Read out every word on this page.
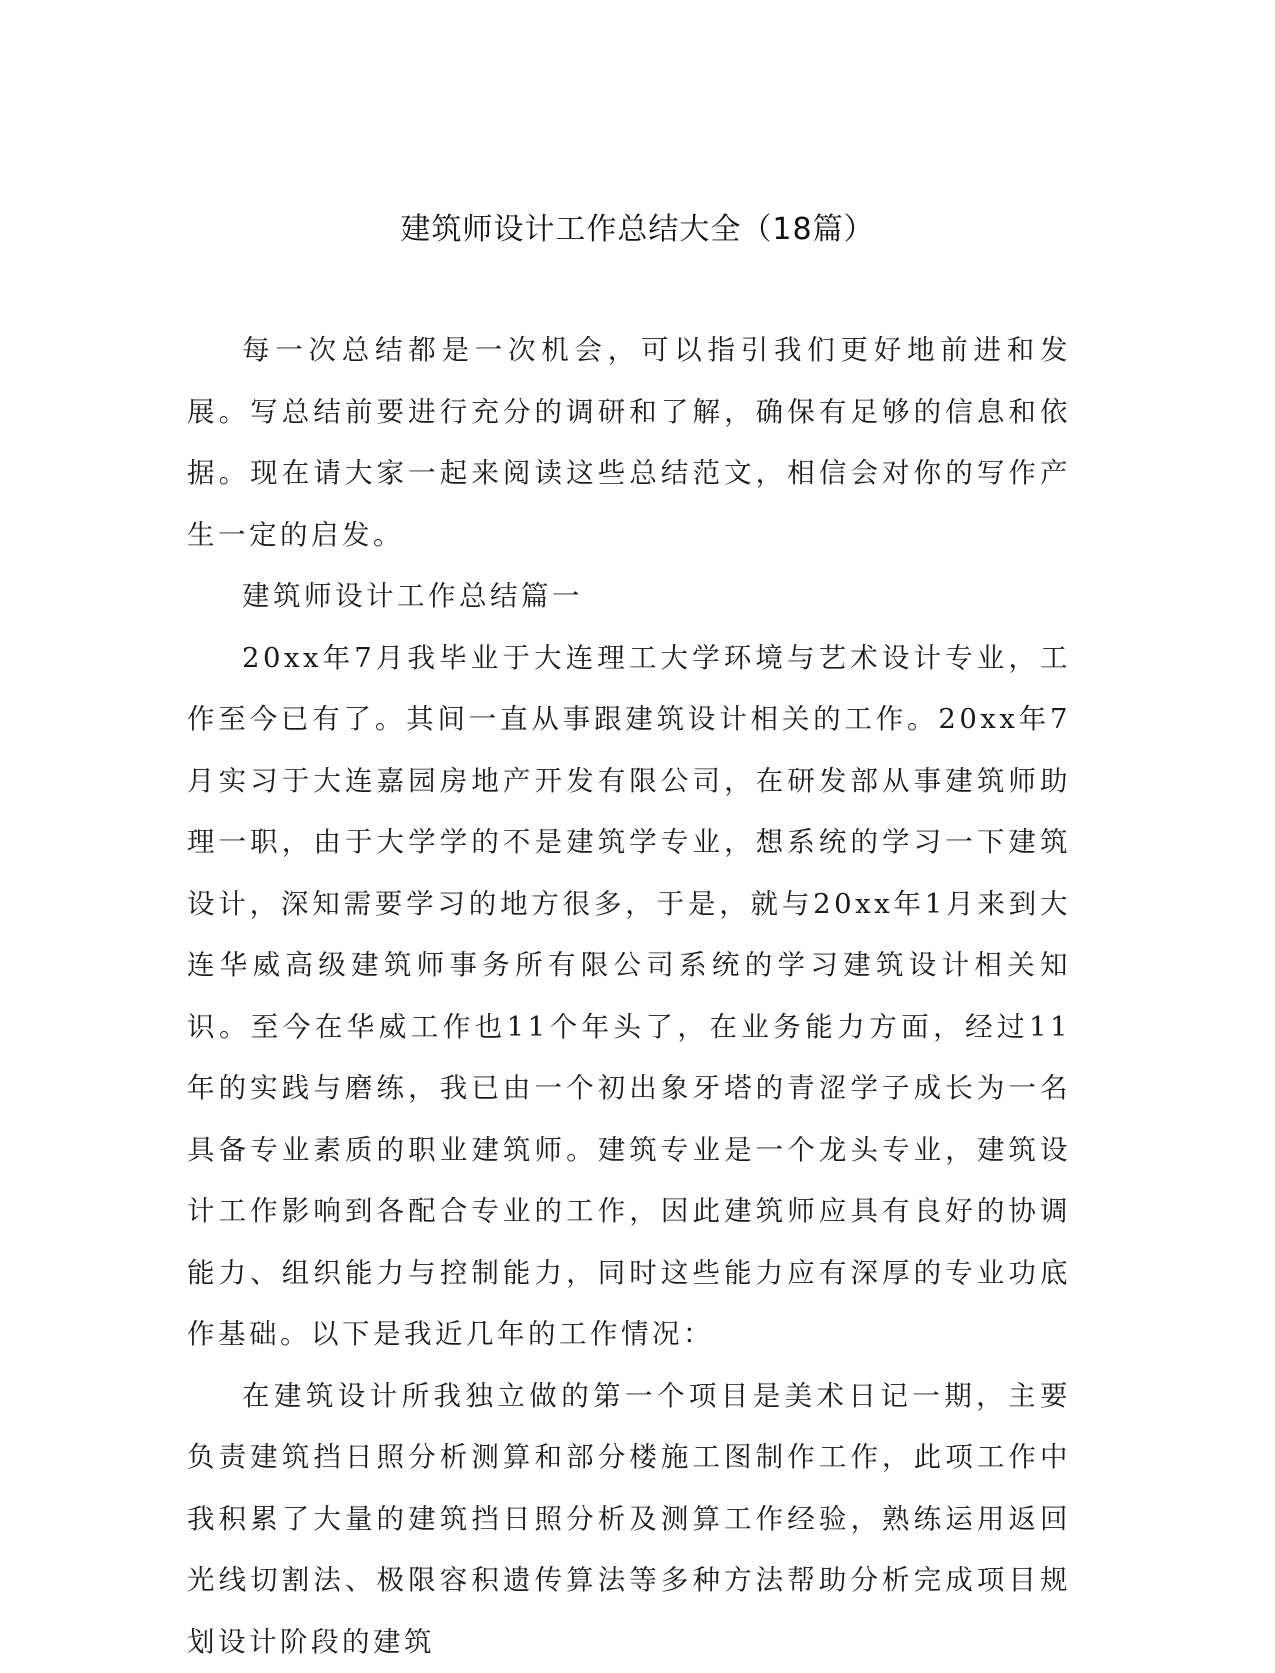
建筑师设计工作总结大全（18篇）

每一次总结都是一次机会，可以指引我们更好地前进和发展。写总结前要进行充分的调研和了解，确保有足够的信息和依据。现在请大家一起来阅读这些总结范文，相信会对你的写作产生一定的启发。

建筑师设计工作总结篇一

20xx年7月我毕业于大连理工大学环境与艺术设计专业，工作至今已有了。其间一直从事跟建筑设计相关的工作。20xx年7月实习于大连嘉园房地产开发有限公司，在研发部从事建筑师助理一职，由于大学学的不是建筑学专业，想系统的学习一下建筑设计，深知需要学习的地方很多，于是，就与20xx年1月来到大连华威高级建筑师事务所有限公司系统的学习建筑设计相关知识。至今在华威工作也11个年头了，在业务能力方面，经过11年的实践与磨练，我已由一个初出象牙塔的青涩学子成长为一名具备专业素质的职业建筑师。建筑专业是一个龙头专业，建筑设计工作影响到各配合专业的工作，因此建筑师应具有良好的协调能力、组织能力与控制能力，同时这些能力应有深厚的专业功底作基础。以下是我近几年的工作情况：

在建筑设计所我独立做的第一个项目是美术日记一期，主要负责建筑挡日照分析测算和部分楼施工图制作工作，此项工作中我积累了大量的建筑挡日照分析及测算工作经验，熟练运用返回光线切割法、极限容积遗传算法等多种方法帮助分析完成项目规划设计阶段的建筑
